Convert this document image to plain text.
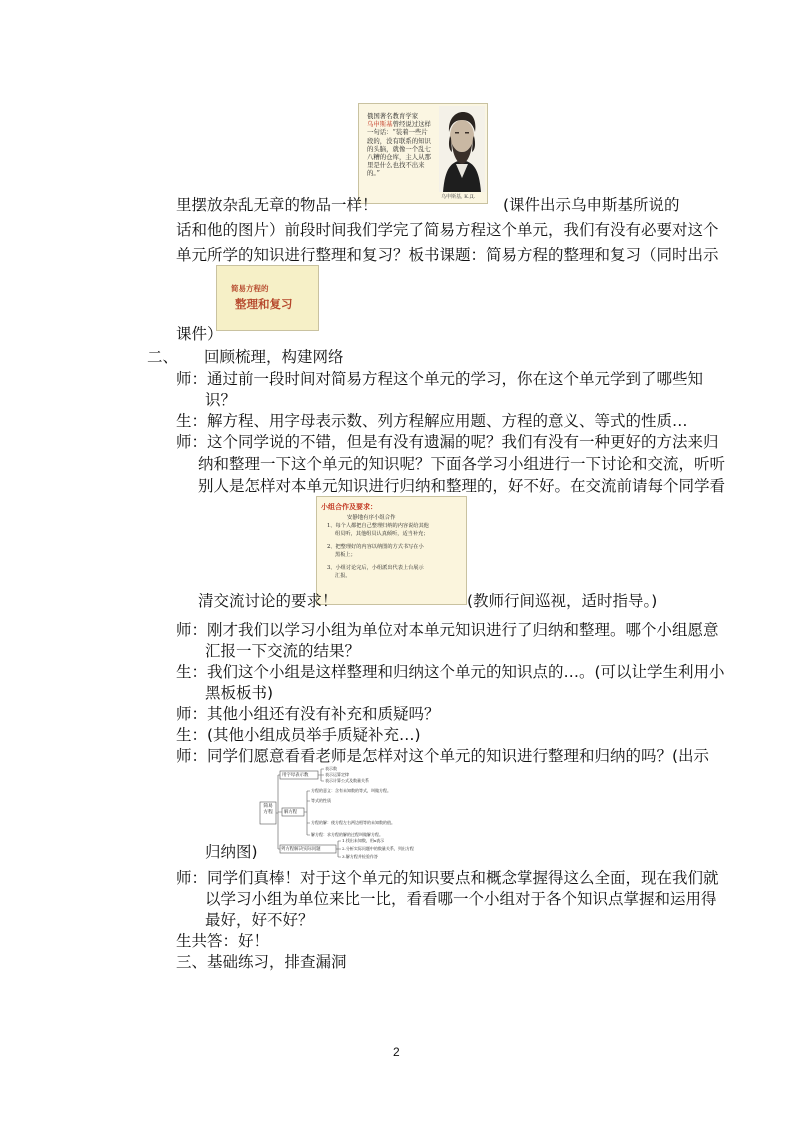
俄国著名教育学家
乌申斯基曾经说过这样
一句话：“装着一些片
段的，没有联系的知识
的头脑，就像一个乱七
八糟的仓库，主人从那
里是什么也找不出来
的。”
乌申斯基, К.Д.
里摆放杂乱无章的物品一样！	(课件出示乌申斯基所说的
话和他的图片）前段时间我们学完了简易方程这个单元，我们有没有必要对这个
单元所学的知识进行整理和复习？板书课题：简易方程的整理和复习（同时出示
简易方程的
整理和复习
课件）
二、 回顾梳理，构建网络
师：通过前一段时间对简易方程这个单元的学习，你在这个单元学到了哪些知
识？
生：解方程、用字母表示数、列方程解应用题、方程的意义、等式的性质…
师：这个同学说的不错，但是有没有遗漏的呢？我们有没有一种更好的方法来归
纳和整理一下这个单元的知识呢？下面各学习小组进行一下讨论和交流，听听
别人是怎样对本单元知识进行归纳和整理的，好不好。在交流前请每个同学看
小组合作及要求：
安静地有序小组合作
1、每个人都把自己整理归纳的内容说给其他
组员听，其他组员认真倾听，适当补充；
2、把整理好的内容以纳图的方式书写在小
黑板上；
3、小组讨论完后，小组派出代表上台展示
汇报。
清交流讨论的要求！	(教师行间巡视，适时指导。)
师：刚才我们以学习小组为单位对本单元知识进行了归纳和整理。哪个小组愿意
汇报一下交流的结果？
生：我们这个小组是这样整理和归纳这个单元的知识点的…。(可以让学生利用小
黑板板书)
师：其他小组还有没有补充和质疑吗？
生：(其他小组成员举手质疑补充…)
师：同学们愿意看看老师是怎样对这个单元的知识进行整理和归纳的吗？(出示
简易方程
用字母表示数
表示数
表示运算定律
表示计算公式及数量关系
解方程
方程的意义：含有未知数的等式，叫做方程。
等式的性质
方程的解：使方程左右两边相等的未知数的值。
解方程：求方程的解的过程叫做解方程。
列方程解决实际问题
1.找出未知数，用x表示
2.分析实际问题中的数量关系，列出方程
3.解方程并检验作答
归纳图)
师：同学们真棒！对于这个单元的知识要点和概念掌握得这么全面，现在我们就
以学习小组为单位来比一比，看看哪一个小组对于各个知识点掌握和运用得
最好，好不好？
生共答：好！
三、基础练习，排查漏洞
2
